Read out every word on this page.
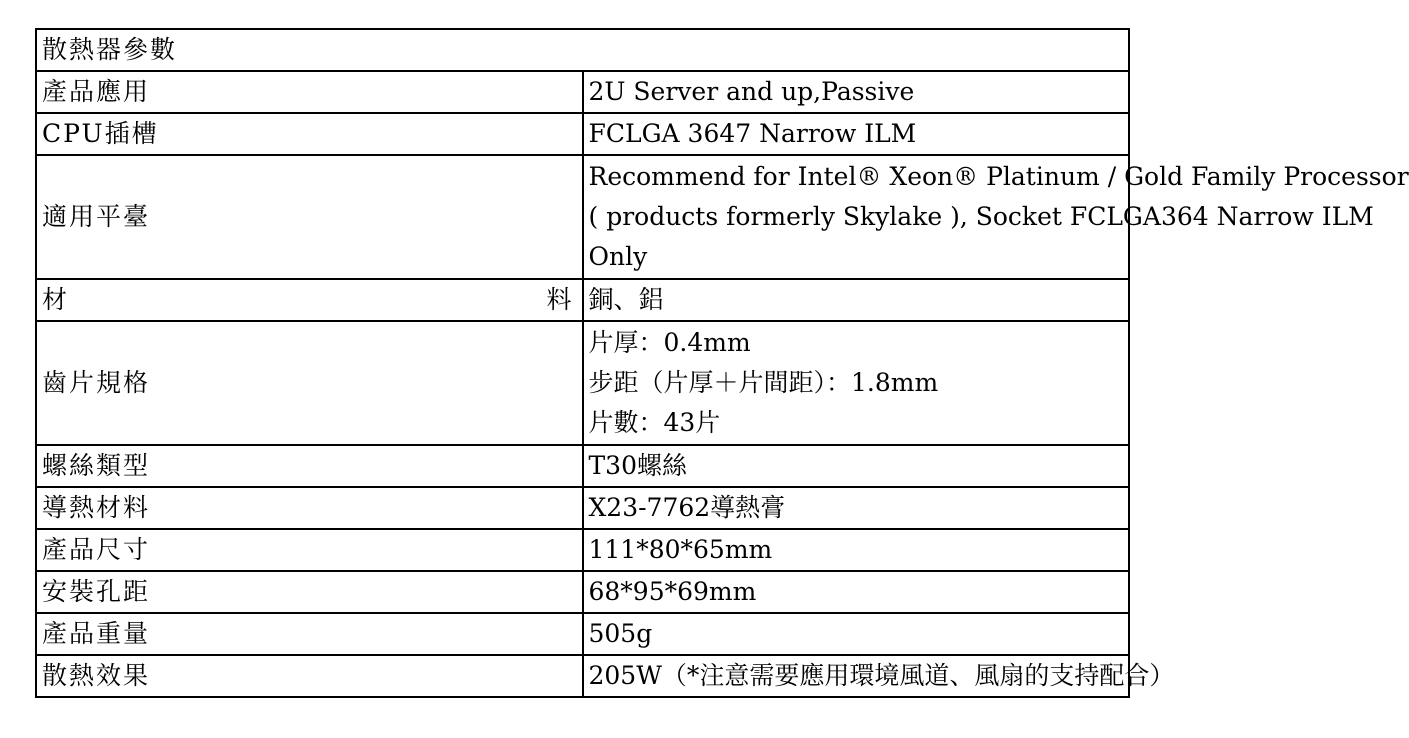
散熱器參數	
產品應用	2U Server and up,Passive
CPU插槽	FCLGA 3647 Narrow ILM
適用平臺	Recommend for Intel® Xeon® Platinum / Gold Family Processor
( products formerly Skylake ), Socket FCLGA364 Narrow ILM
Only

材 料	銅、鋁
齒片規格	片厚：0.4mm
步距（片厚＋片間距）：1.8mm
片數：43片

螺絲類型	T30螺絲
導熱材料	X23-7762導熱膏
產品尺寸	111*80*65mm
安裝孔距	68*95*69mm
產品重量	505g
散熱效果	205W（*注意需要應用環境風道、風扇的支持配合）
